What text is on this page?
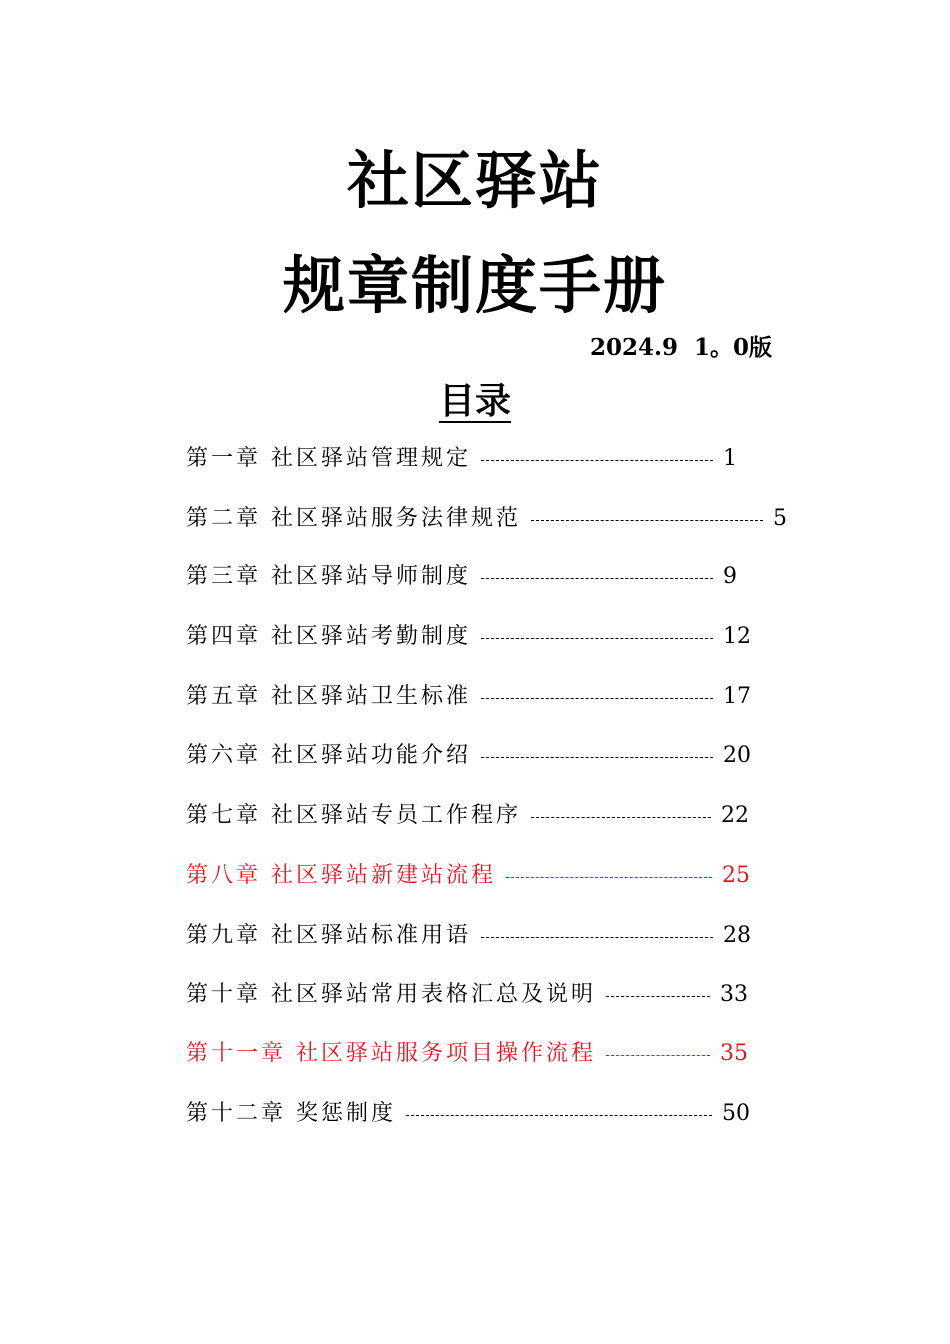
社区驿站
规章制度手册
2024.9  1。0版
目录
第一章 社区驿站管理规定	1
第二章 社区驿站服务法律规范	5
第三章 社区驿站导师制度	9
第四章 社区驿站考勤制度	12
第五章 社区驿站卫生标准	17
第六章 社区驿站功能介绍	20
第七章 社区驿站专员工作程序	22
第八章 社区驿站新建站流程	25
第九章 社区驿站标准用语	28
第十章 社区驿站常用表格汇总及说明	33
第十一章 社区驿站服务项目操作流程	35
第十二章 奖惩制度	50
